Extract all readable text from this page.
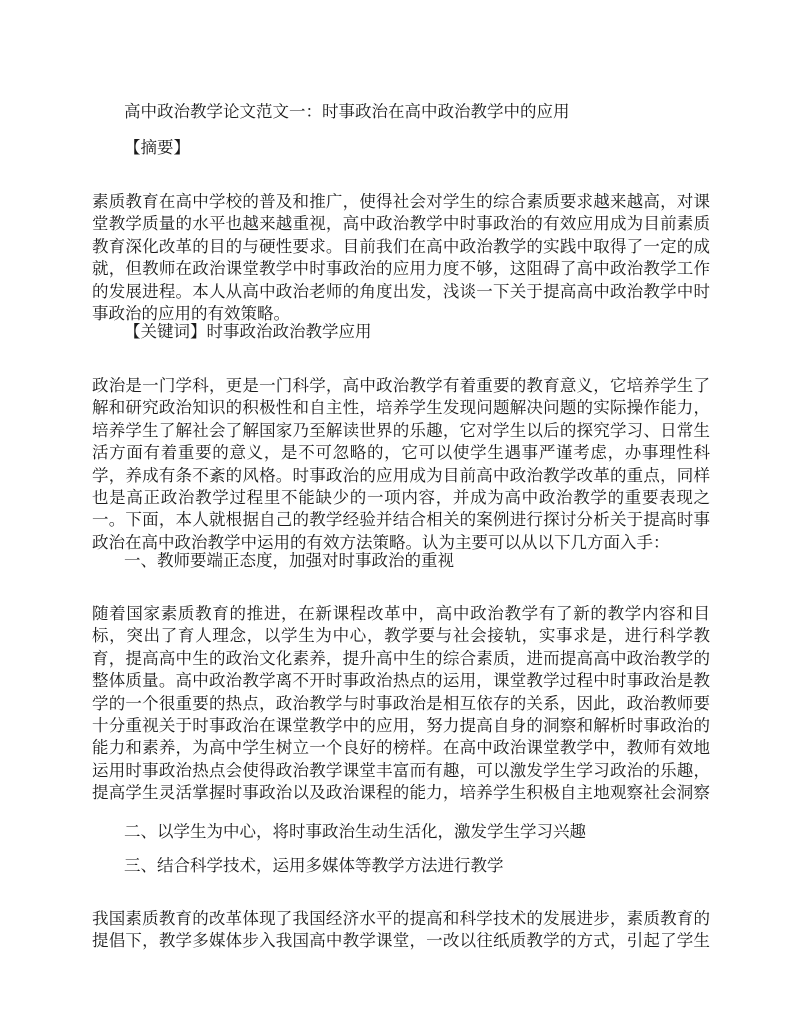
高中政治教学论文范文一：时事政治在高中政治教学中的应用
【摘要】
素质教育在高中学校的普及和推广，使得社会对学生的综合素质要求越来越高，对课堂教学质量的水平也越来越重视，高中政治教学中时事政治的有效应用成为目前素质教育深化改革的目的与硬性要求。目前我们在高中政治教学的实践中取得了一定的成就，但教师在政治课堂教学中时事政治的应用力度不够，这阻碍了高中政治教学工作的发展进程。本人从高中政治老师的角度出发，浅谈一下关于提高高中政治教学中时事政治的应用的有效策略。
【关键词】时事政治政治教学应用
政治是一门学科，更是一门科学，高中政治教学有着重要的教育意义，它培养学生了解和研究政治知识的积极性和自主性，培养学生发现问题解决问题的实际操作能力，培养学生了解社会了解国家乃至解读世界的乐趣，它对学生以后的探究学习、日常生活方面有着重要的意义，是不可忽略的，它可以使学生遇事严谨考虑，办事理性科学，养成有条不紊的风格。时事政治的应用成为目前高中政治教学改革的重点，同样也是高正政治教学过程里不能缺少的一项内容，并成为高中政治教学的重要表现之一。下面，本人就根据自己的教学经验并结合相关的案例进行探讨分析关于提高时事政治在高中政治教学中运用的有效方法策略。认为主要可以从以下几方面入手：
一、教师要端正态度，加强对时事政治的重视
随着国家素质教育的推进，在新课程改革中，高中政治教学有了新的教学内容和目标，突出了育人理念，以学生为中心，教学要与社会接轨，实事求是，进行科学教育，提高高中生的政治文化素养，提升高中生的综合素质，进而提高高中政治教学的整体质量。高中政治教学离不开时事政治热点的运用，课堂教学过程中时事政治是教学的一个很重要的热点，政治教学与时事政治是相互依存的关系，因此，政治教师要十分重视关于时事政治在课堂教学中的应用，努力提高自身的洞察和解析时事政治的能力和素养，为高中学生树立一个良好的榜样。在高中政治课堂教学中，教师有效地运用时事政治热点会使得政治教学课堂丰富而有趣，可以激发学生学习政治的乐趣，提高学生灵活掌握时事政治以及政治课程的能力，培养学生积极自主地观察社会洞察
二、以学生为中心，将时事政治生动生活化，激发学生学习兴趣
三、结合科学技术，运用多媒体等教学方法进行教学
我国素质教育的改革体现了我国经济水平的提高和科学技术的发展进步，素质教育的提倡下，教学多媒体步入我国高中教学课堂，一改以往纸质教学的方式，引起了学生
